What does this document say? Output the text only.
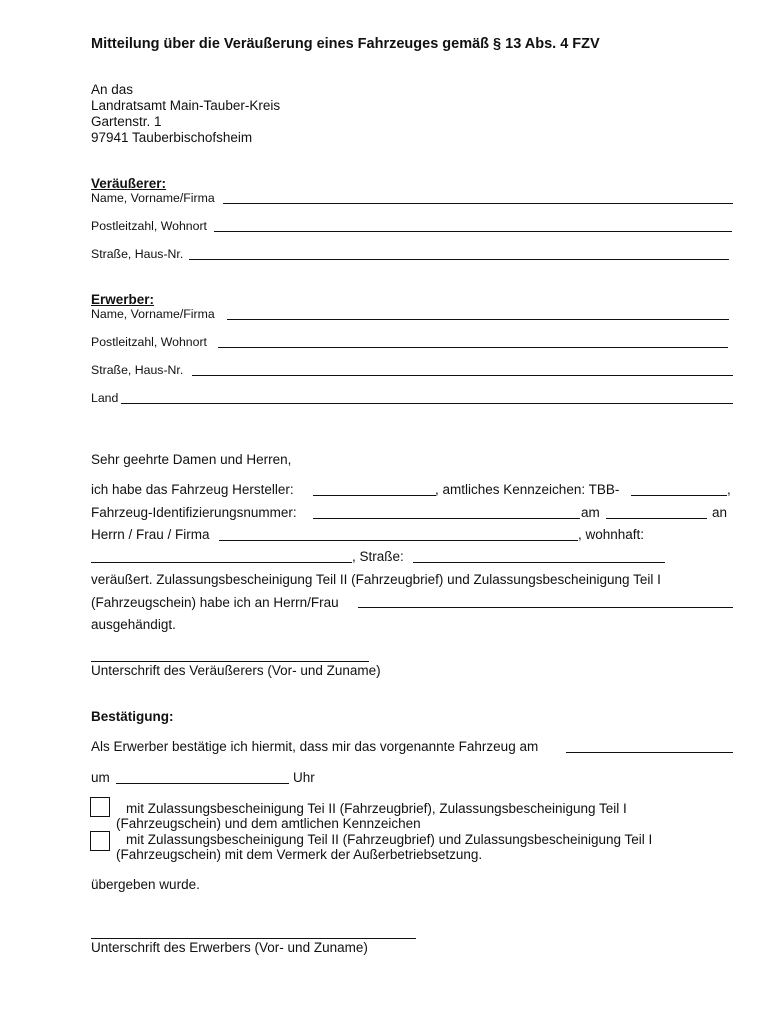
Mitteilung über die Veräußerung eines Fahrzeuges gemäß § 13 Abs. 4 FZV
An das
Landratsamt Main-Tauber-Kreis
Gartenstr. 1
97941 Tauberbischofsheim
Veräußerer:
Name, Vorname/Firma
Postleitzahl, Wohnort
Straße, Haus-Nr.
Erwerber:
Name, Vorname/Firma
Postleitzahl, Wohnort
Straße, Haus-Nr.
Land
Sehr geehrte Damen und Herren,
ich habe das Fahrzeug Hersteller:	, amtliches Kennzeichen: TBB-	,
Fahrzeug-Identifizierungsnummer:	am	an
Herrn / Frau / Firma	, wohnhaft:
, Straße:
veräußert. Zulassungsbescheinigung Teil II (Fahrzeugbrief) und Zulassungsbescheinigung Teil I
(Fahrzeugschein) habe ich an Herrn/Frau
ausgehändigt.
Unterschrift des Veräußerers (Vor- und Zuname)
Bestätigung:
Als Erwerber bestätige ich hiermit, dass mir das vorgenannte Fahrzeug am
um	Uhr
mit Zulassungsbescheinigung Tei II (Fahrzeugbrief), Zulassungsbescheinigung Teil I
(Fahrzeugschein) und dem amtlichen Kennzeichen
mit Zulassungsbescheinigung Teil II (Fahrzeugbrief) und Zulassungsbescheinigung Teil I
(Fahrzeugschein) mit dem Vermerk der Außerbetriebsetzung.
übergeben wurde.
Unterschrift des Erwerbers (Vor- und Zuname)
